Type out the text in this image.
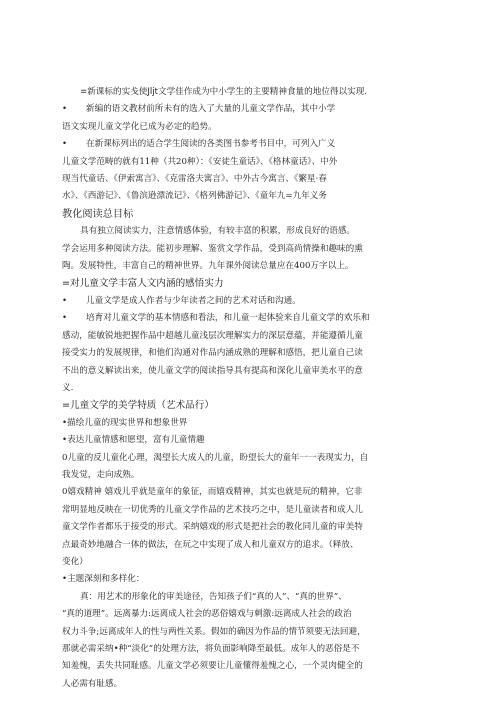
=新课标的实戋使Jljt文学佳作成为中小学生的主要精神食量的地位得以实现.

• 新编的语文教材前所未有的选入了大量的儿童文学作品，其中小学

语文实现儿童文学化已成为必定的趋势。

• 在新课标列出的适合学生阅读的各类图书参考书目中，可列入广义

儿童文学范畴的就有11种（共20种）：《安徒生童话》、《格林童话》、中外

现当代童话、《伊索寓言》、《克雷洛夫寓言》、中外古今寓言、《繁星·春

水》、《西游记》、《鲁滨逊漂流记》、《格列佛游记》、《童年九=九年义务

教化阅读总目标

具有独立阅读实力，注意情感体验，有较丰富的积累，形成良好的语感。

学会运用多种阅读方法。能初步理解、鉴赏文学作品，受到高尚情操和趣味的熏

陶。发展特性，丰富自己的精神世界。九年课外阅读总量应在400万字以上。

=对儿童文学丰富人文内涵的感悟实力

• 儿童文学是成人作者与少年读者之间的艺术对话和沟通。

• 培育对儿童文学的基本情感和看法，和儿童一起体验来自儿童文学的欢乐和

感动，能敏锐地把握作品中超越儿童浅层次理解实力的深层意蕴，并能遵循儿童

接受实力的发展规律，和他们沟通对作品内涵成熟的理解和感悟，把儿童自己读

不出的意义解读出来，使儿童文学的阅读指导具有提高和深化儿童审美水平的意

义.

=儿童文学的美学特质（艺术品行）

•描绘儿童的现实世界和想象世界

•表达儿童情感和愿望，富有儿童情趣

0儿童的反儿童化心理，渴望长大成人的儿童，盼望长大的童年一一表现实力，自

我发觉，走向成熟。

0嬉戏精神 嬉戏儿乎就是童年的象征，而嬉戏精神，其实也就是玩的精神，它非

常明显地反映在一切优秀的儿童文学作品的艺术技巧之中，是儿童读者和成人儿

童文学作者都乐于接受的形式。采纳嬉戏的形式是把社会的教化同儿童的审美特

点最奇妙地融合一体的做法，在玩之中实现了成人和儿童双方的追求。（释放、

变化）

•主题深刻和多样化：

真：用艺术的形象化的审美途径，告知孩子们“真的人”、“真的世界”、

“真的道理”。远离暴力:远离成人社会的恶俗嬉戏与刺激:远离成人社会的政治

权力斗争;远离成年人的性与两性关系。假如的确因为作品的情节须要无法回避，

那就必需采纳•种“淡化”的处理方法，将负面影响降至最低。成年人的恶俗是不

知羞愧，丢失共同耻感。儿童文学必须要让儿童懂得羞愧之心，一个灵肉健全的

人必需有耻感。
